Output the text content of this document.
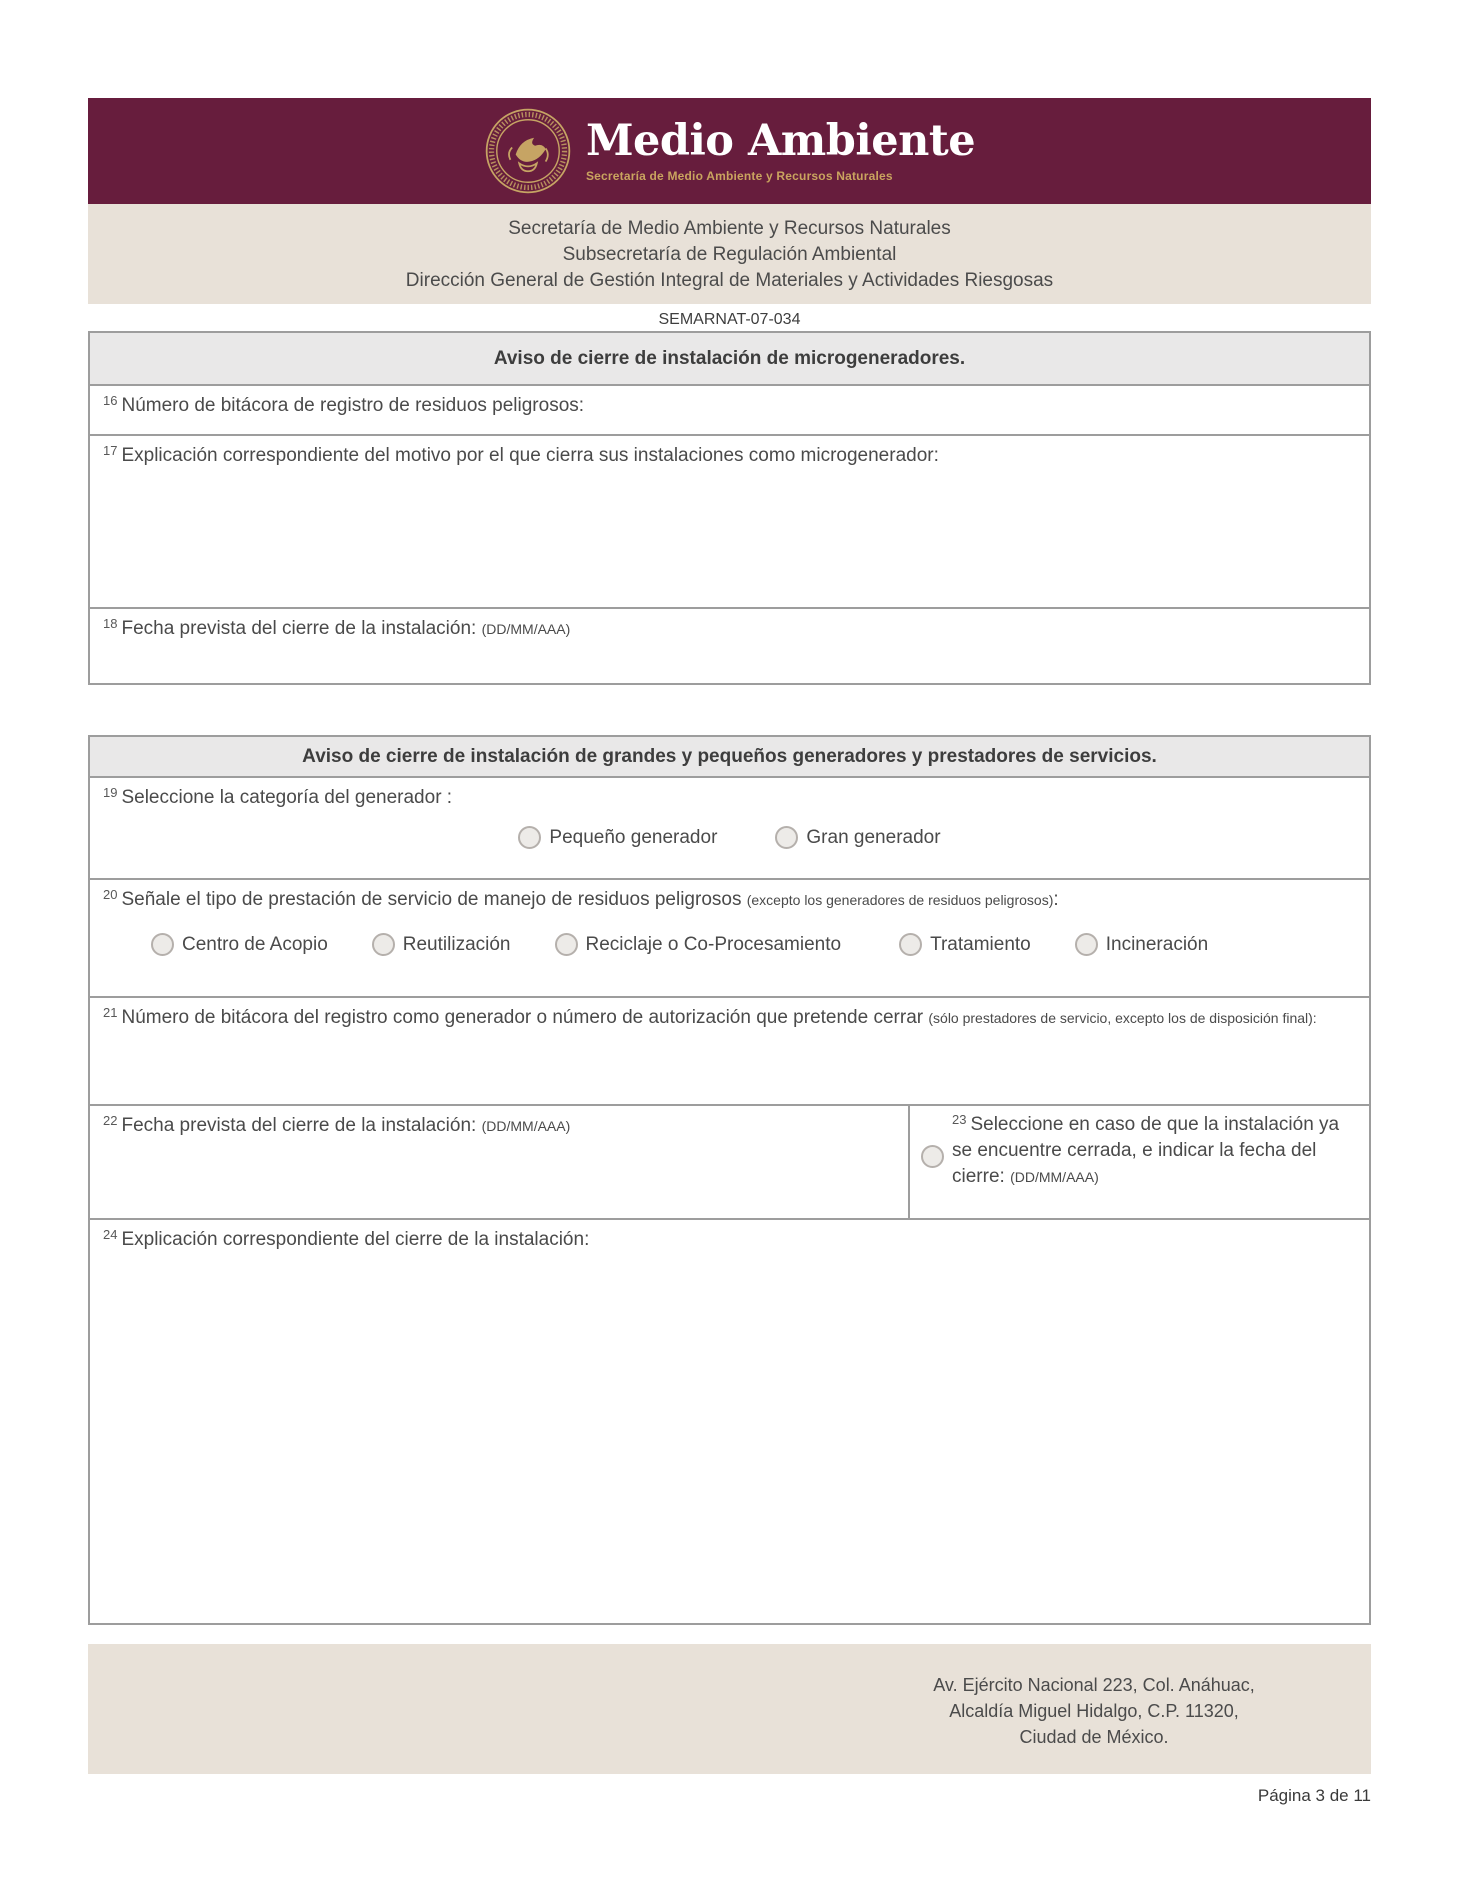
Medio Ambiente
Secretaría de Medio Ambiente y Recursos Naturales
Secretaría de Medio Ambiente y Recursos Naturales
Subsecretaría de Regulación Ambiental
Dirección General de Gestión Integral de Materiales y Actividades Riesgosas
SEMARNAT-07-034
Aviso de cierre de instalación de microgeneradores.
$^{16}$ Número de bitácora de registro de residuos peligrosos:
$^{17}$ Explicación correspondiente del motivo por el que cierra sus instalaciones como microgenerador:
$^{18}$ Fecha prevista del cierre de la instalación: (DD/MM/AAA)
Aviso de cierre de instalación de grandes y pequeños generadores y prestadores de servicios.
$^{19}$ Seleccione la categoría del generador :
Pequeño generador	Gran generador
$^{20}$ Señale el tipo de prestación de servicio de manejo de residuos peligrosos (excepto los generadores de residuos peligrosos):
Centro de Acopio	Reutilización	Reciclaje o Co-Procesamiento	Tratamiento	Incineración
$^{21}$ Número de bitácora del registro como generador o número de autorización que pretende cerrar (sólo prestadores de servicio, excepto los de disposición final):
$^{22}$ Fecha prevista del cierre de la instalación: (DD/MM/AAA)	$^{23}$ Seleccione en caso de que la instalación ya se encuentre cerrada, e indicar la fecha del cierre: (DD/MM/AAA)
$^{24}$ Explicación correspondiente del cierre de la instalación:
Av. Ejército Nacional 223, Col. Anáhuac,
Alcaldía Miguel Hidalgo, C.P. 11320,
Ciudad de México.
Página 3 de 11
